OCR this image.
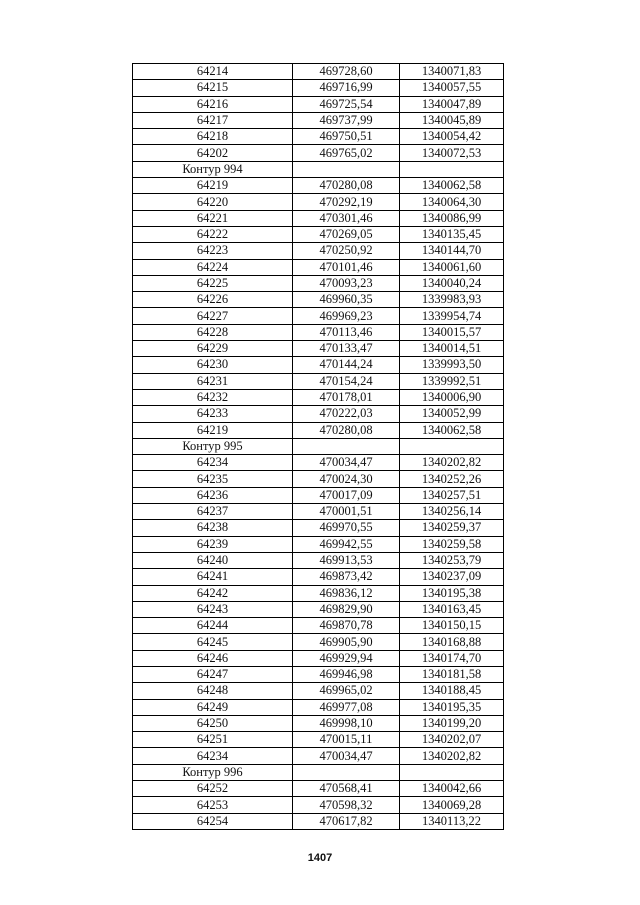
64214	469728,60	1340071,83
64215	469716,99	1340057,55
64216	469725,54	1340047,89
64217	469737,99	1340045,89
64218	469750,51	1340054,42
64202	469765,02	1340072,53
Контур 994		
64219	470280,08	1340062,58
64220	470292,19	1340064,30
64221	470301,46	1340086,99
64222	470269,05	1340135,45
64223	470250,92	1340144,70
64224	470101,46	1340061,60
64225	470093,23	1340040,24
64226	469960,35	1339983,93
64227	469969,23	1339954,74
64228	470113,46	1340015,57
64229	470133,47	1340014,51
64230	470144,24	1339993,50
64231	470154,24	1339992,51
64232	470178,01	1340006,90
64233	470222,03	1340052,99
64219	470280,08	1340062,58
Контур 995		
64234	470034,47	1340202,82
64235	470024,30	1340252,26
64236	470017,09	1340257,51
64237	470001,51	1340256,14
64238	469970,55	1340259,37
64239	469942,55	1340259,58
64240	469913,53	1340253,79
64241	469873,42	1340237,09
64242	469836,12	1340195,38
64243	469829,90	1340163,45
64244	469870,78	1340150,15
64245	469905,90	1340168,88
64246	469929,94	1340174,70
64247	469946,98	1340181,58
64248	469965,02	1340188,45
64249	469977,08	1340195,35
64250	469998,10	1340199,20
64251	470015,11	1340202,07
64234	470034,47	1340202,82
Контур 996		
64252	470568,41	1340042,66
64253	470598,32	1340069,28
64254	470617,82	1340113,22
1407
